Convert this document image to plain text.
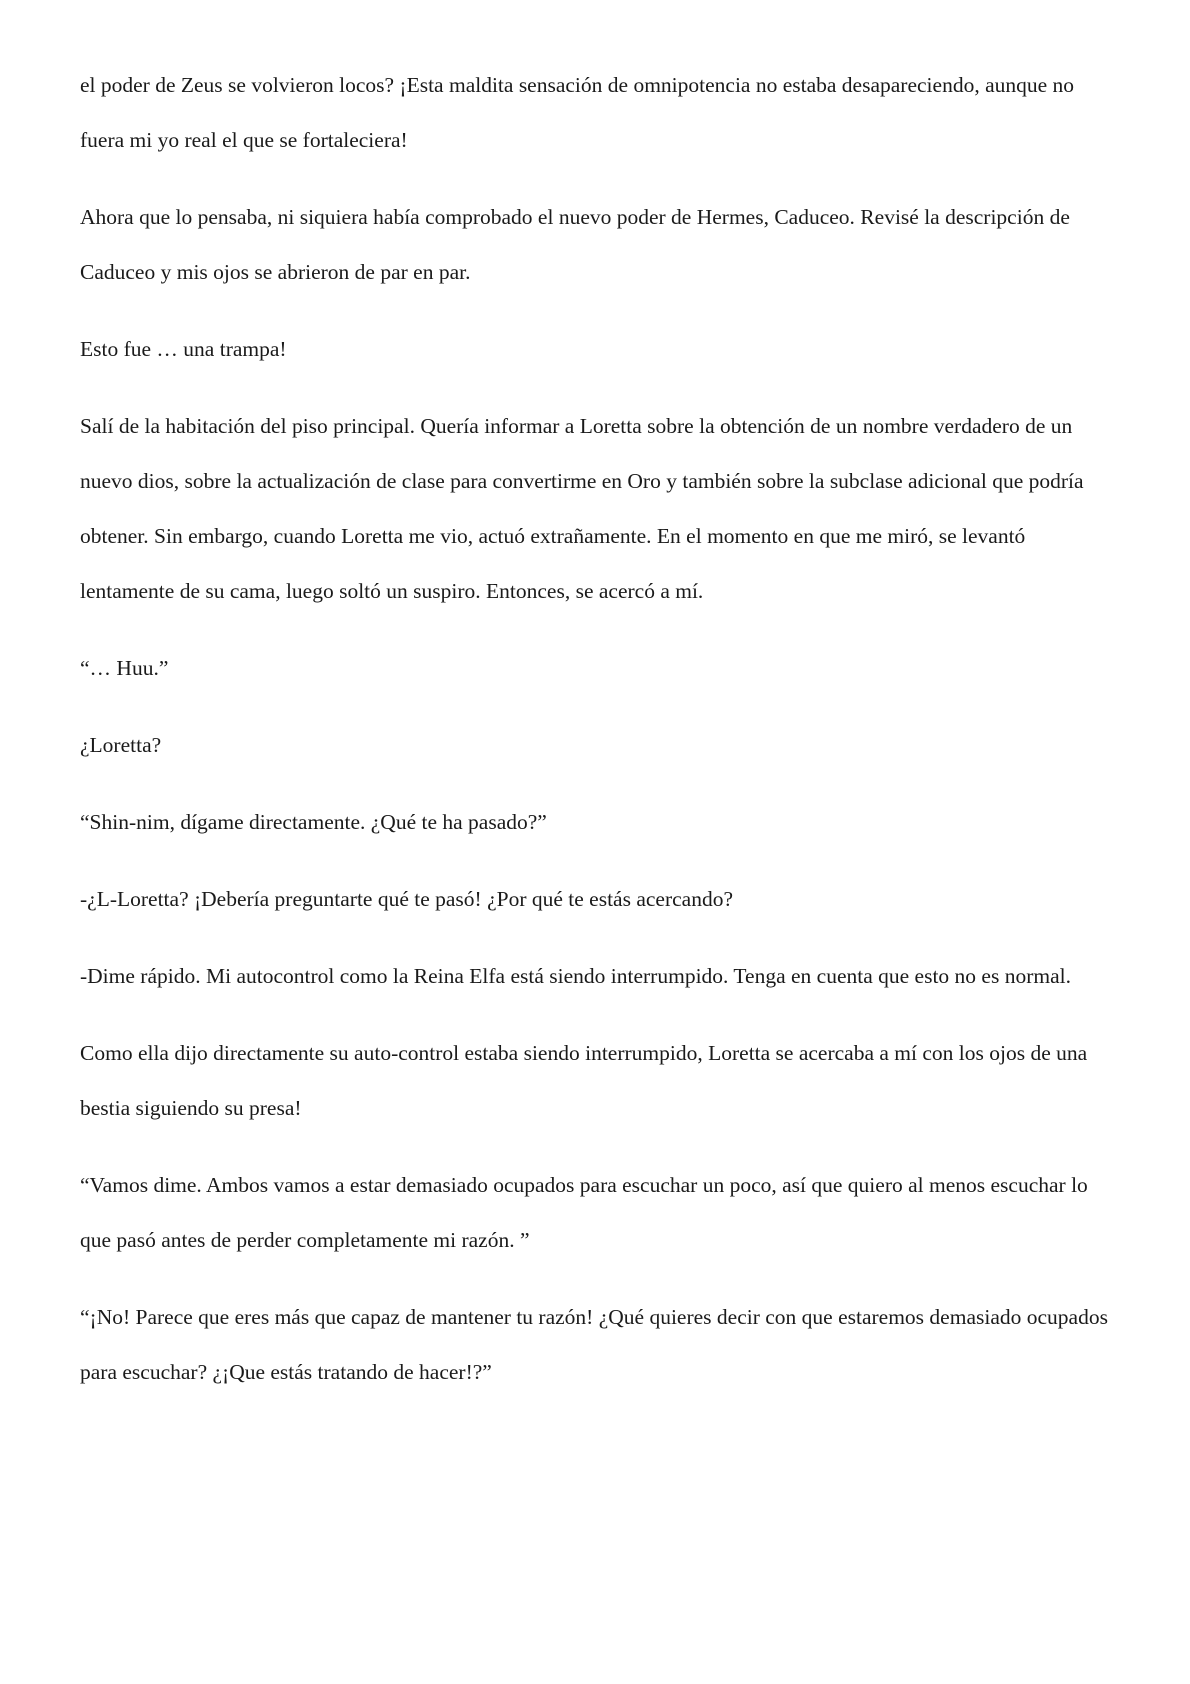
el poder de Zeus se volvieron locos? ¡Esta maldita sensación de omnipotencia no estaba desapareciendo, aunque no fuera mi yo real el que se fortaleciera!

Ahora que lo pensaba, ni siquiera había comprobado el nuevo poder de Hermes, Caduceo. Revisé la descripción de Caduceo y mis ojos se abrieron de par en par.

Esto fue … una trampa!

Salí de la habitación del piso principal. Quería informar a Loretta sobre la obtención de un nombre verdadero de un nuevo dios, sobre la actualización de clase para convertirme en Oro y también sobre la subclase adicional que podría obtener. Sin embargo, cuando Loretta me vio, actuó extrañamente. En el momento en que me miró, se levantó lentamente de su cama, luego soltó un suspiro. Entonces, se acercó a mí.

“… Huu.”

¿Loretta?

“Shin-nim, dígame directamente. ¿Qué te ha pasado?”

-¿L-Loretta? ¡Debería preguntarte qué te pasó! ¿Por qué te estás acercando?

-Dime rápido. Mi autocontrol como la Reina Elfa está siendo interrumpido. Tenga en cuenta que esto no es normal.

Como ella dijo directamente su auto-control estaba siendo interrumpido, Loretta se acercaba a mí con los ojos de una bestia siguiendo su presa!

“Vamos dime. Ambos vamos a estar demasiado ocupados para escuchar un poco, así que quiero al menos escuchar lo que pasó antes de perder completamente mi razón. ”

“¡No! Parece que eres más que capaz de mantener tu razón! ¿Qué quieres decir con que estaremos demasiado ocupados para escuchar? ¿¡Que estás tratando de hacer!?”
